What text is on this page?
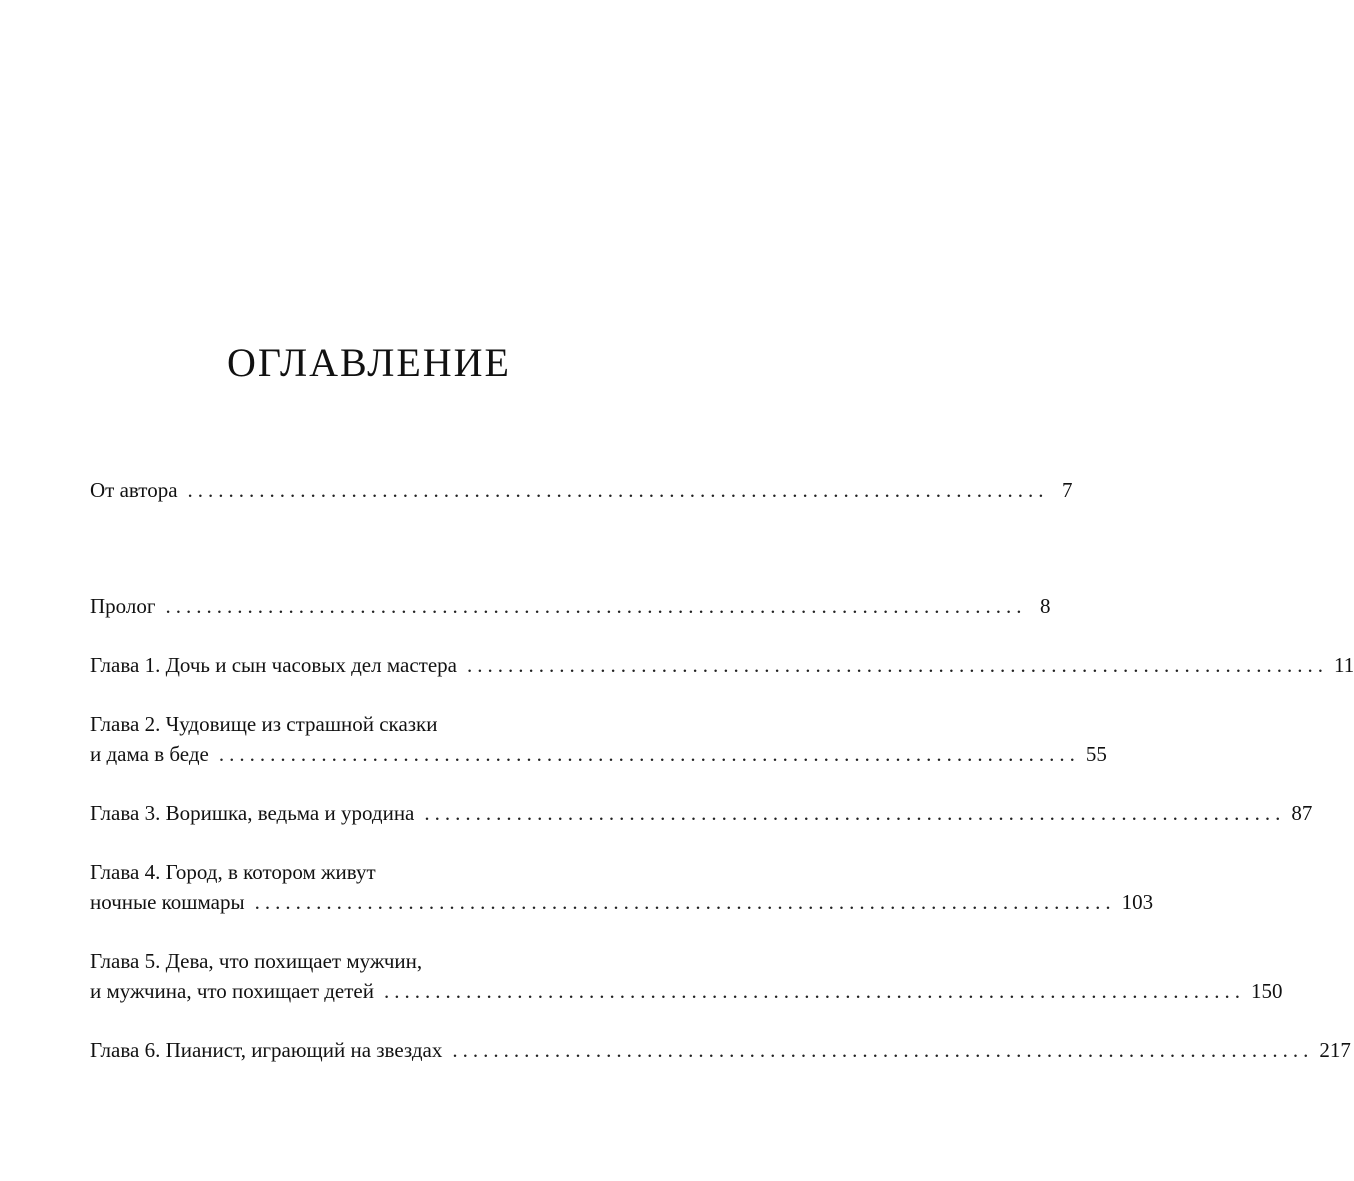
ОГЛАВЛЕНИЕ
От автора .................................................................................... 7
Пролог .................................................................................... 8
Глава 1. Дочь и сын часовых дел мастера .................................................................................... 11
Глава 2. Чудовище из страшной сказки
и дама в беде .................................................................................... 55
Глава 3. Воришка, ведьма и уродина .................................................................................... 87
Глава 4. Город, в котором живут
ночные кошмары .................................................................................... 103
Глава 5. Дева, что похищает мужчин,
и мужчина, что похищает детей .................................................................................... 150
Глава 6. Пианист, играющий на звездах .................................................................................... 217
